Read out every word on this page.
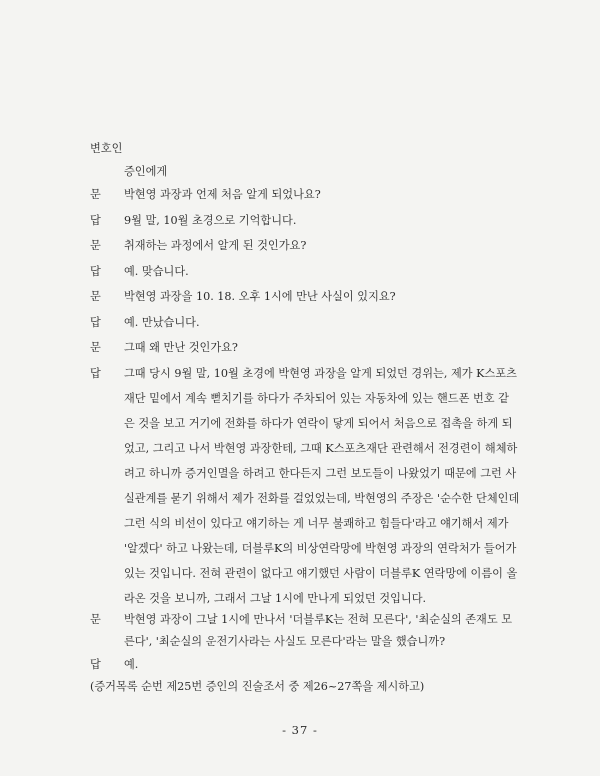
변호인
증인에게
문 박현영 과장과 언제 처음 알게 되었나요?
답 9월 말, 10월 초경으로 기억합니다.
문 취재하는 과정에서 알게 된 것인가요?
답 예. 맞습니다.
문 박현영 과장을 10. 18. 오후 1시에 만난 사실이 있지요?
답 예. 만났습니다.
문 그때 왜 만난 것인가요?
답 그때 당시 9월 말, 10월 초경에 박현영 과장을 알게 되었던 경위는, 제가 K스포츠
재단 밑에서 계속 뻗치기를 하다가 주차되어 있는 자동차에 있는 핸드폰 번호 같
은 것을 보고 거기에 전화를 하다가 연락이 닿게 되어서 처음으로 접촉을 하게 되
었고, 그리고 나서 박현영 과장한테, 그때 K스포츠재단 관련해서 전경련이 해체하
려고 하니까 증거인멸을 하려고 한다든지 그런 보도들이 나왔었기 때문에 그런 사
실관계를 묻기 위해서 제가 전화를 걸었었는데, 박현영의 주장은 '순수한 단체인데
그런 식의 비선이 있다고 얘기하는 게 너무 불쾌하고 힘들다'라고 얘기해서 제가
'알겠다' 하고 나왔는데, 더블루K의 비상연락망에 박현영 과장의 연락처가 들어가
있는 것입니다. 전혀 관련이 없다고 얘기했던 사람이 더블루K 연락망에 이름이 올
라온 것을 보니까, 그래서 그날 1시에 만나게 되었던 것입니다.
문 박현영 과장이 그날 1시에 만나서 '더블루K는 전혀 모른다', '최순실의 존재도 모
른다', '최순실의 운전기사라는 사실도 모른다'라는 말을 했습니까?
답 예.
(증거목록 순번 제25번 증인의 진술조서 중 제26~27쪽을 제시하고)
- 37 -
